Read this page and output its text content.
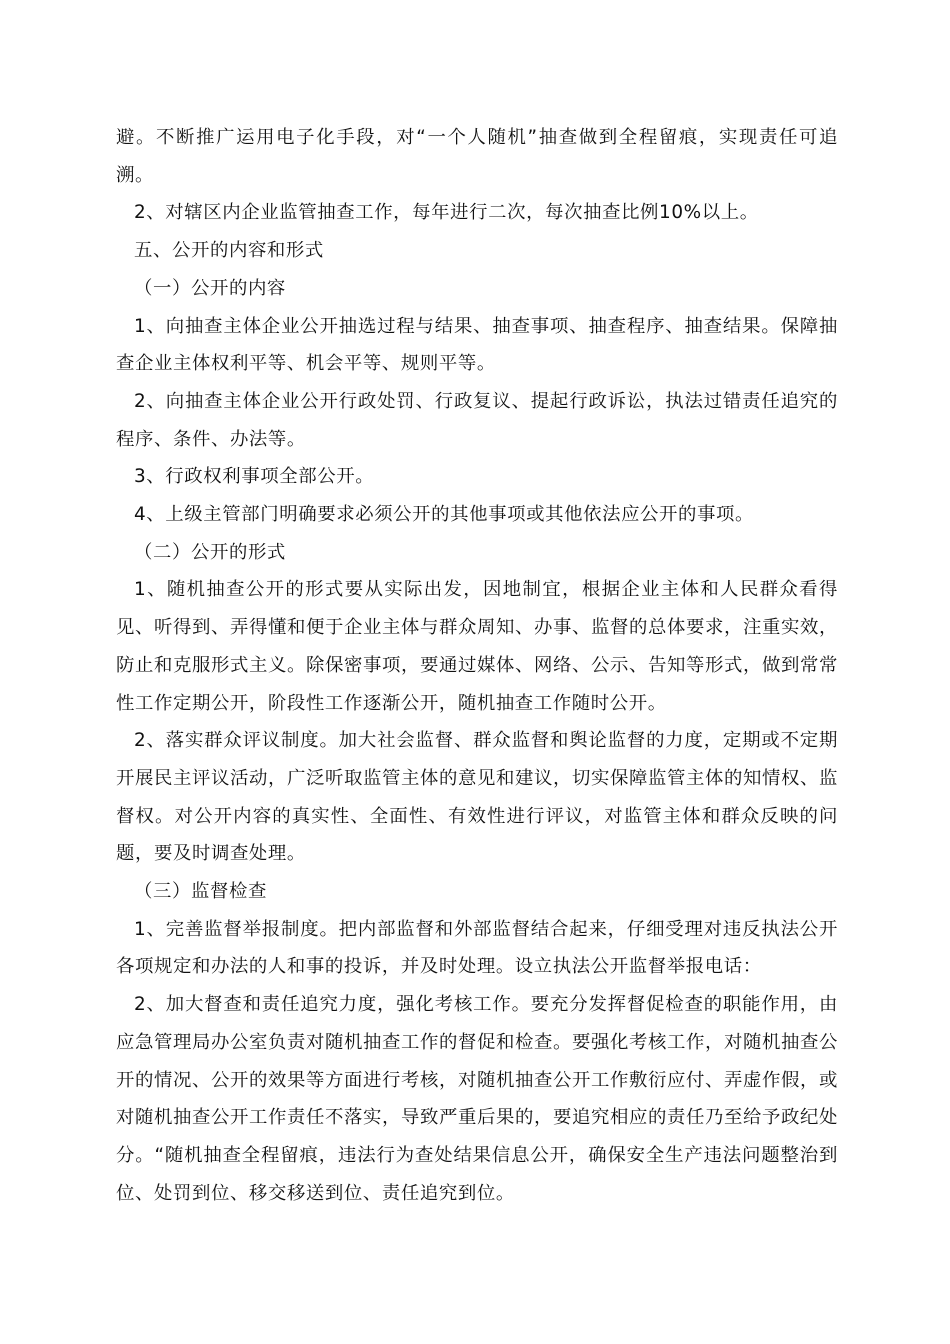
避。不断推广运用电子化手段，对“一个人随机”抽查做到全程留痕，实现责任可追溯。

2、对辖区内企业监管抽查工作，每年进行二次，每次抽查比例10%以上。

五、公开的内容和形式

（一）公开的内容

1、向抽查主体企业公开抽选过程与结果、抽查事项、抽查程序、抽查结果。保障抽查企业主体权利平等、机会平等、规则平等。

2、向抽查主体企业公开行政处罚、行政复议、提起行政诉讼，执法过错责任追究的程序、条件、办法等。

3、行政权利事项全部公开。

4、上级主管部门明确要求必须公开的其他事项或其他依法应公开的事项。

（二）公开的形式

1、随机抽查公开的形式要从实际出发，因地制宜，根据企业主体和人民群众看得见、听得到、弄得懂和便于企业主体与群众周知、办事、监督的总体要求，注重实效，防止和克服形式主义。除保密事项，要通过媒体、网络、公示、告知等形式，做到常常性工作定期公开，阶段性工作逐渐公开，随机抽查工作随时公开。

2、落实群众评议制度。加大社会监督、群众监督和舆论监督的力度，定期或不定期开展民主评议活动，广泛听取监管主体的意见和建议，切实保障监管主体的知情权、监督权。对公开内容的真实性、全面性、有效性进行评议，对监管主体和群众反映的问题，要及时调查处理。

（三）监督检查

1、完善监督举报制度。把内部监督和外部监督结合起来，仔细受理对违反执法公开各项规定和办法的人和事的投诉，并及时处理。设立执法公开监督举报电话：

2、加大督查和责任追究力度，强化考核工作。要充分发挥督促检查的职能作用，由应急管理局办公室负责对随机抽查工作的督促和检查。要强化考核工作，对随机抽查公开的情况、公开的效果等方面进行考核，对随机抽查公开工作敷衍应付、弄虚作假，或对随机抽查公开工作责任不落实，导致严重后果的，要追究相应的责任乃至给予政纪处分。“随机抽查全程留痕，违法行为查处结果信息公开，确保安全生产违法问题整治到位、处罚到位、移交移送到位、责任追究到位。
